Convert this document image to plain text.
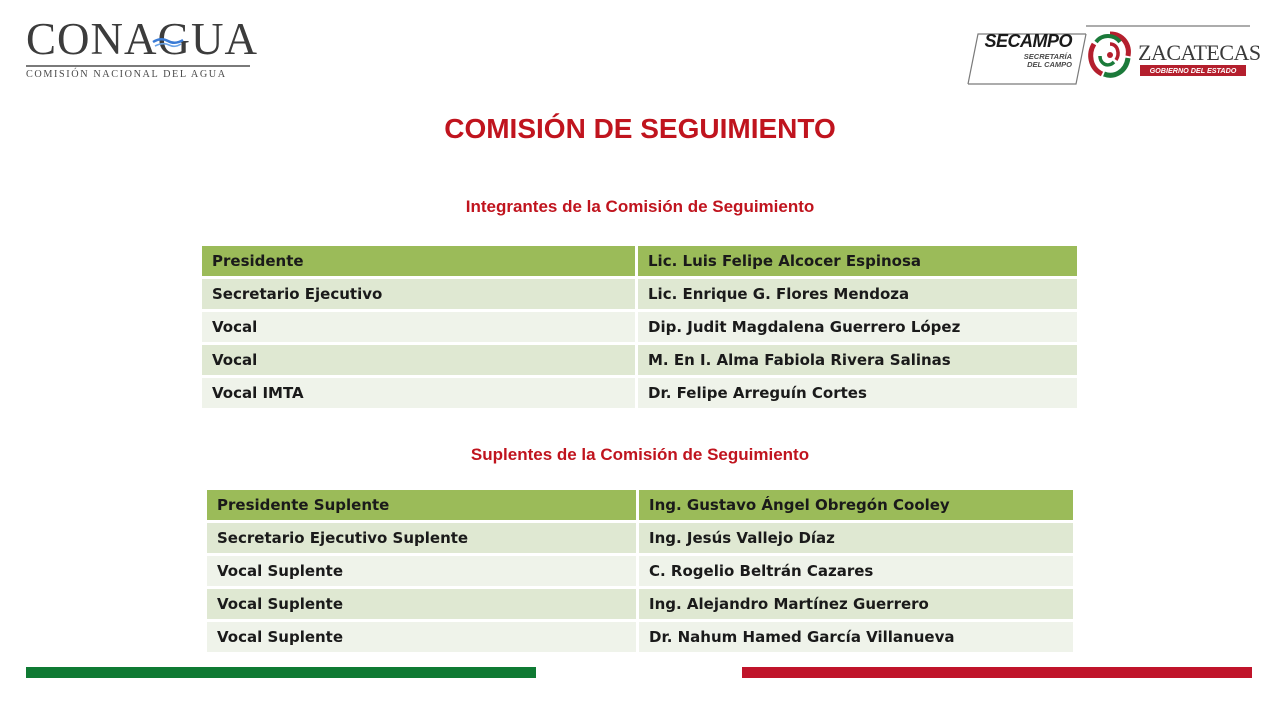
CONAGUA
COMISIÓN NACIONAL DEL AGUA
SECAMPO
SECRETARÍA
DEL CAMPO	ZACATECAS
GOBIERNO DEL ESTADO
COMISIÓN DE SEGUIMIENTO
Integrantes de la Comisión de Seguimiento
Presidente	Lic. Luis Felipe Alcocer Espinosa
Secretario Ejecutivo	Lic. Enrique G. Flores Mendoza
Vocal	Dip. Judit Magdalena Guerrero López
Vocal	M. En I. Alma Fabiola Rivera Salinas
Vocal IMTA	Dr. Felipe Arreguín Cortes
Suplentes de la Comisión de Seguimiento
Presidente Suplente	Ing. Gustavo Ángel Obregón Cooley
Secretario Ejecutivo Suplente	Ing. Jesús Vallejo Díaz
Vocal Suplente	C. Rogelio Beltrán Cazares
Vocal Suplente	Ing. Alejandro Martínez Guerrero
Vocal Suplente	Dr. Nahum Hamed García Villanueva
